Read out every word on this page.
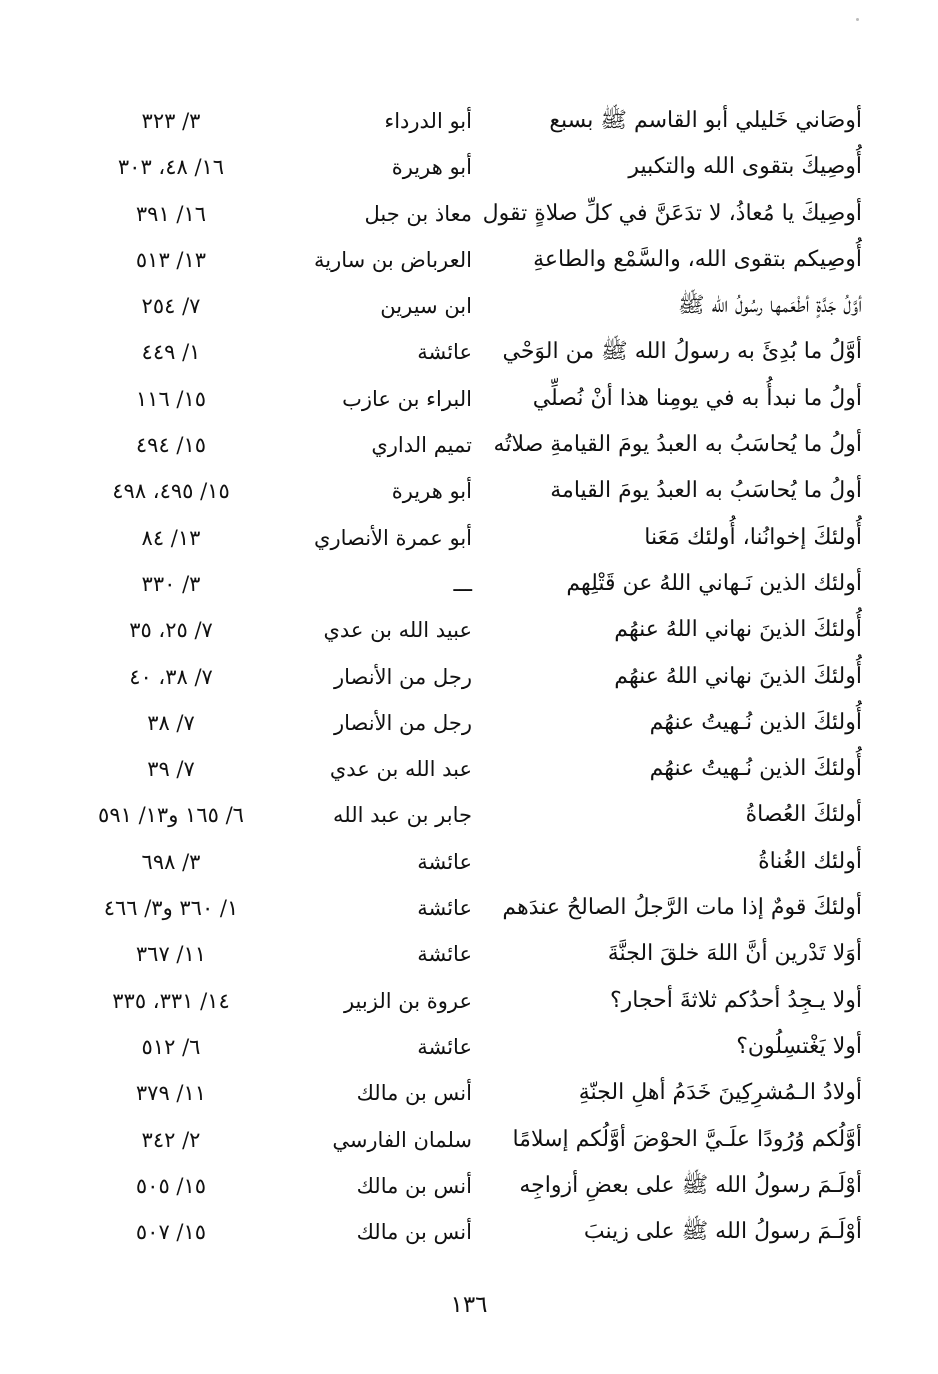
أوصَاني خَليلي أبو القاسم ﷺ بسبع
أبو الدرداء
٣/ ٣٢٣
أُوصِيكَ بتقوى الله والتكبير
أبو هريرة
١٦/ ٤٨، ٣٠٣
أوصِيكَ يا مُعاذُ، لا تدَعَنَّ في كلِّ صلاةٍ تقول
معاذ بن جبل
١٦/ ٣٩١
أُوصِيكم بتقوى الله، والسَّمْع والطاعةِ
العرباض بن سارية
١٣/ ٥١٣
أوَّلُ جَدَّةٍ أطْعَمها رسُولُ الله ﷺ
ابن سيرين
٧/ ٢٥٤
أوَّلُ ما بُدِئَ به رسولُ الله ﷺ من الوَحْي
عائشة
١/ ٤٤٩
أولُ ما نبدأُ به في يومِنا هذا أنْ نُصلِّي
البراء بن عازب
١٥/ ١١٦
أولُ ما يُحاسَبُ به العبدُ يومَ القيامةِ صلاتُه
تميم الداري
١٥/ ٤٩٤
أولُ ما يُحاسَبُ به العبدُ يومَ القيامة
أبو هريرة
١٥/ ٤٩٥، ٤٩٨
أُولئكَ إخوانُنا، أُولئك مَعَنا
أبو عمرة الأنصاري
١٣/ ٨٤
أولئك الذين نَـهاني اللهُ عن قَتْلِهم
ـــ
٣/ ٣٣٠
أُولئكَ الذينَ نهاني اللهُ عنهُم
عبيد الله بن عدي
٧/ ٢٥، ٣٥
أُولئكَ الذينَ نهاني اللهُ عنهُم
رجل من الأنصار
٧/ ٣٨، ٤٠
أُولئكَ الذين نُـهيتُ عنهُم
رجل من الأنصار
٧/ ٣٨
أُولئكَ الذين نُـهيتُ عنهُم
عبد الله بن عدي
٧/ ٣٩
أولئكَ العُصاةُ
جابر بن عبد الله
٦/ ١٦٥ و١٣/ ٥٩١
أولئك الغُناةُ
عائشة
٣/ ٦٩٨
أولئكَ قومٌ إذا مات الرَّجلُ الصالحُ عندَهم
عائشة
١/ ٣٦٠ و٣/ ٤٦٦
أوَلا تَدْرين أنَّ اللهَ خلقَ الجنَّةَ
عائشة
١١/ ٣٦٧
أولا يـجِدُ أحدُكم ثلاثةَ أحجار؟
عروة بن الزبير
١٤/ ٣٣١، ٣٣٥
أولا يَغْتسِلُون؟
عائشة
٦/ ٥١٢
أولادُ الـمُشرِكِينَ خَدَمُ أهلِ الجنّةِ
أنس بن مالك
١١/ ٣٧٩
أوَّلُكم وُرُودًا علَـيَّ الحوْضَ أوَّلُكم إسلامًا
سلمان الفارسي
٢/ ٣٤٢
أوْلَـمَ رسولُ الله ﷺ على بعضِ أزواجِه
أنس بن مالك
١٥/ ٥٠٥
أوْلَـمَ رسولُ الله ﷺ على زينبَ
أنس بن مالك
١٥/ ٥٠٧
١٣٦
